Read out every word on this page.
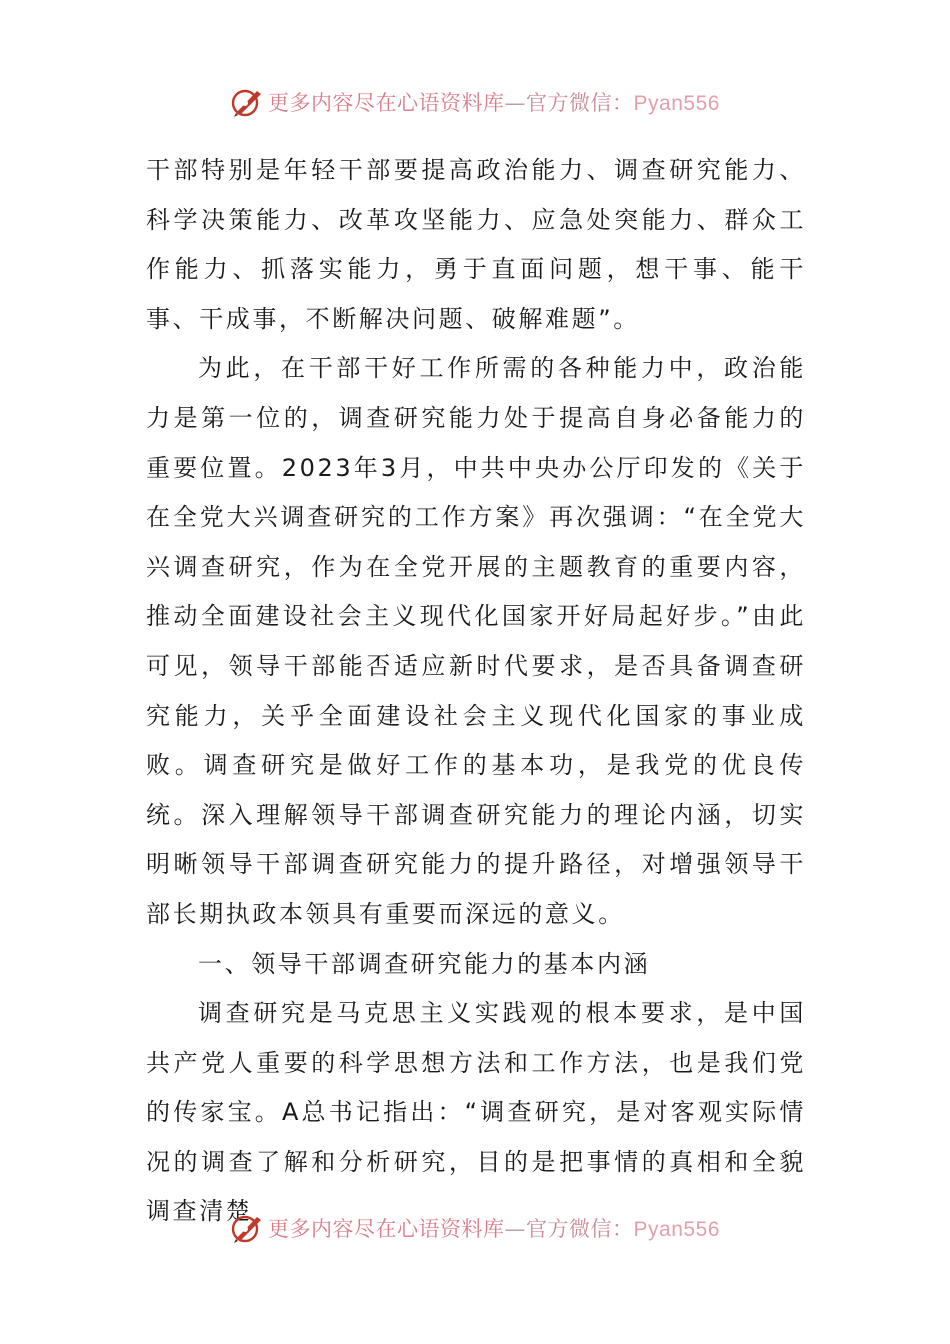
更多内容尽在心语资料库—官方微信：Pyan556

干部特别是年轻干部要提高政治能力、调查研究能力、科学决策能力、改革攻坚能力、应急处突能力、群众工作能力、抓落实能力，勇于直面问题，想干事、能干事、干成事，不断解决问题、破解难题”。

为此，在干部干好工作所需的各种能力中，政治能力是第一位的，调查研究能力处于提高自身必备能力的重要位置。2023年3月，中共中央办公厅印发的《关于在全党大兴调查研究的工作方案》再次强调：“在全党大兴调查研究，作为在全党开展的主题教育的重要内容，推动全面建设社会主义现代化国家开好局起好步。”由此可见，领导干部能否适应新时代要求，是否具备调查研究能力，关乎全面建设社会主义现代化国家的事业成败。调查研究是做好工作的基本功，是我党的优良传统。深入理解领导干部调查研究能力的理论内涵，切实明晰领导干部调查研究能力的提升路径，对增强领导干部长期执政本领具有重要而深远的意义。

一、领导干部调查研究能力的基本内涵

调查研究是马克思主义实践观的根本要求，是中国共产党人重要的科学思想方法和工作方法，也是我们党的传家宝。A总书记指出：“调查研究，是对客观实际情况的调查了解和分析研究，目的是把事情的真相和全貌调查清楚

更多内容尽在心语资料库—官方微信：Pyan556
